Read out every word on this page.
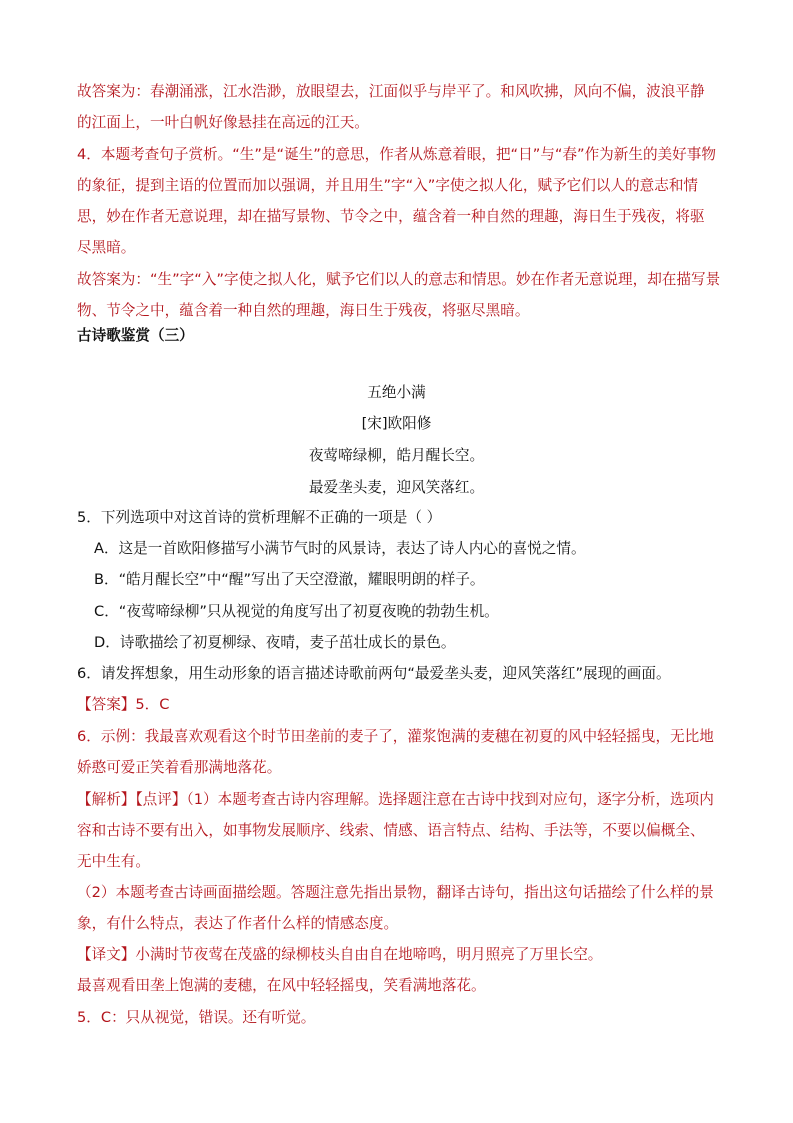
故答案为：春潮涌涨，江水浩渺，放眼望去，江面似乎与岸平了。和风吹拂，风向不偏，波浪平静
的江面上，一叶白帆好像悬挂在高远的江天。
4．本题考查句子赏析。“生”是“诞生”的意思，作者从炼意着眼，把“日”与“春”作为新生的美好事物
的象征，提到主语的位置而加以强调，并且用生”字“入”字使之拟人化，赋予它们以人的意志和情
思，妙在作者无意说理，却在描写景物、节令之中，蕴含着一种自然的理趣，海日生于残夜，将驱
尽黑暗。
故答案为：“生”字“入”字使之拟人化，赋予它们以人的意志和情思。妙在作者无意说理，却在描写景
物、节令之中，蕴含着一种自然的理趣，海日生于残夜，将驱尽黑暗。
古诗歌鉴赏（三）
五绝小满
[宋]欧阳修
夜莺啼绿柳，皓月醒长空。
最爱垄头麦，迎风笑落红。
5．下列选项中对这首诗的赏析理解不正确的一项是（ ）
A．这是一首欧阳修描写小满节气时的风景诗，表达了诗人内心的喜悦之情。
B．“皓月醒长空”中“醒”写出了天空澄澈，耀眼明朗的样子。
C．“夜莺啼绿柳”只从视觉的角度写出了初夏夜晚的勃勃生机。
D．诗歌描绘了初夏柳绿、夜晴，麦子茁壮成长的景色。
6．请发挥想象，用生动形象的语言描述诗歌前两句“最爱垄头麦，迎风笑落红”展现的画面。
【答案】5．C
6．示例：我最喜欢观看这个时节田垄前的麦子了，灌浆饱满的麦穗在初夏的风中轻轻摇曳，无比地
娇憨可爱正笑着看那满地落花。
【解析】【点评】（1）本题考查古诗内容理解。选择题注意在古诗中找到对应句，逐字分析，选项内
容和古诗不要有出入，如事物发展顺序、线索、情感、语言特点、结构、手法等，不要以偏概全、
无中生有。
（2）本题考查古诗画面描绘题。答题注意先指出景物，翻译古诗句，指出这句话描绘了什么样的景
象，有什么特点，表达了作者什么样的情感态度。
【译文】小满时节夜莺在茂盛的绿柳枝头自由自在地啼鸣，明月照亮了万里长空。
最喜观看田垄上饱满的麦穗，在风中轻轻摇曳，笑看满地落花。
5．C：只从视觉，错误。还有听觉。
